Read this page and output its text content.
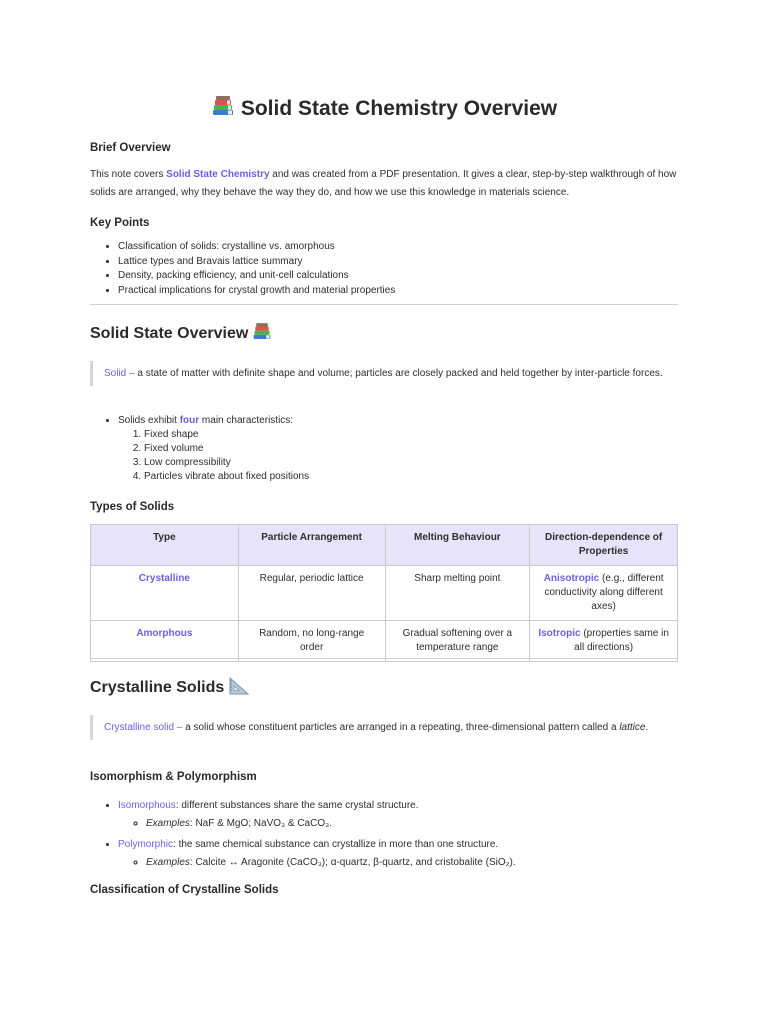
Solid State Chemistry Overview
Brief Overview

This note covers Solid State Chemistry and was created from a PDF presentation. It gives a clear, step-by-step walkthrough of how solids are arranged, why they behave the way they do, and how we use this knowledge in materials science.

Key Points
• Classification of solids: crystalline vs. amorphous
• Lattice types and Bravais lattice summary
• Density, packing efficiency, and unit-cell calculations
• Practical implications for crystal growth and material properties
Solid State Overview
Solid – a state of matter with definite shape and volume; particles are closely packed and held together by inter-particle forces.
• Solids exhibit four main characteristics:
1. Fixed shape
2. Fixed volume
3. Low compressibility
4. Particles vibrate about fixed positions
Types of Solids
Type	Particle Arrangement	Melting Behaviour	Direction-dependence of Properties
Crystalline	Regular, periodic lattice	Sharp melting point	Anisotropic (e.g., different conductivity along different axes)
Amorphous	Random, no long-range order	Gradual softening over a temperature range	Isotropic (properties same in all directions)
Crystalline Solids
Crystalline solid – a solid whose constituent particles are arranged in a repeating, three-dimensional pattern called a lattice.
Isomorphism & Polymorphism
• Isomorphous: different substances share the same crystal structure.
◦ Examples: NaF & MgO; NaVO₃ & CaCO₃.
• Polymorphic: the same chemical substance can crystallize in more than one structure.
◦ Examples: Calcite ↔ Aragonite (CaCO₃); α-quartz, β-quartz, and cristobalite (SiO₂).
Classification of Crystalline Solids
